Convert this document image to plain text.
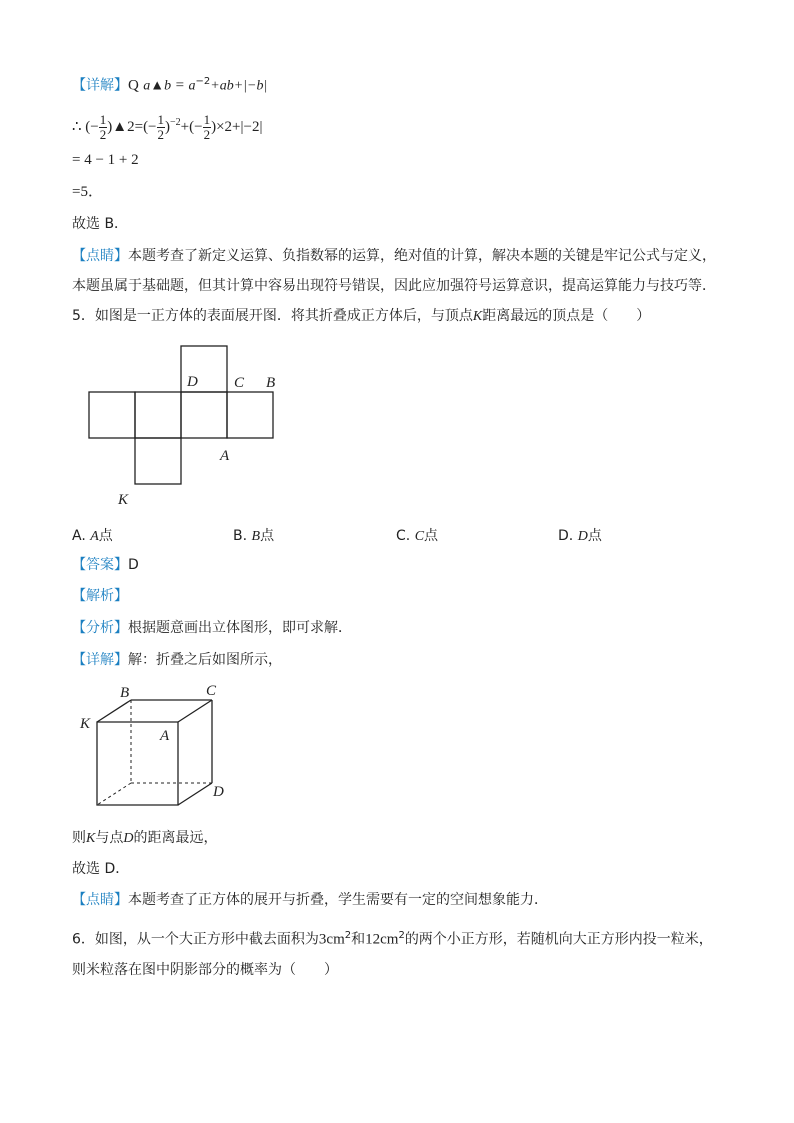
【详解】Q a▲b = $a^{-2}+ab+|-b|$
∴ (− $\frac{1}{2}$ )▲2=(− $\frac{1}{2} )^{-2}+(- \frac{1}{2} )\times 2+|-2|$
= 4 − 1 + 2
=5．
故选 B．
【点睛】本题考查了新定义运算、负指数幂的运算，绝对值的计算，解决本题的关键是牢记公式与定义，
本题虽属于基础题，但其计算中容易出现符号错误，因此应加强符号运算意识，提高运算能力与技巧等．
5．如图是一正方体的表面展开图．将其折叠成正方体后，与顶点K距离最远的顶点是（　　）
D C B
A
K
A. A点	B. B点	C. C点	D. D点
【答案】D
【解析】
【分析】根据题意画出立体图形，即可求解．
【详解】解：折叠之后如图所示，
B	C
K
A
D
则K与点D的距离最远，
故选 D．
【点睛】本题考查了正方体的展开与折叠，学生需要有一定的空间想象能力．
6．如图，从一个大正方形中截去面积为$3cm^2$和$12cm^2$的两个小正方形，若随机向大正方形内投一粒米，
则米粒落在图中阴影部分的概率为（　　）
